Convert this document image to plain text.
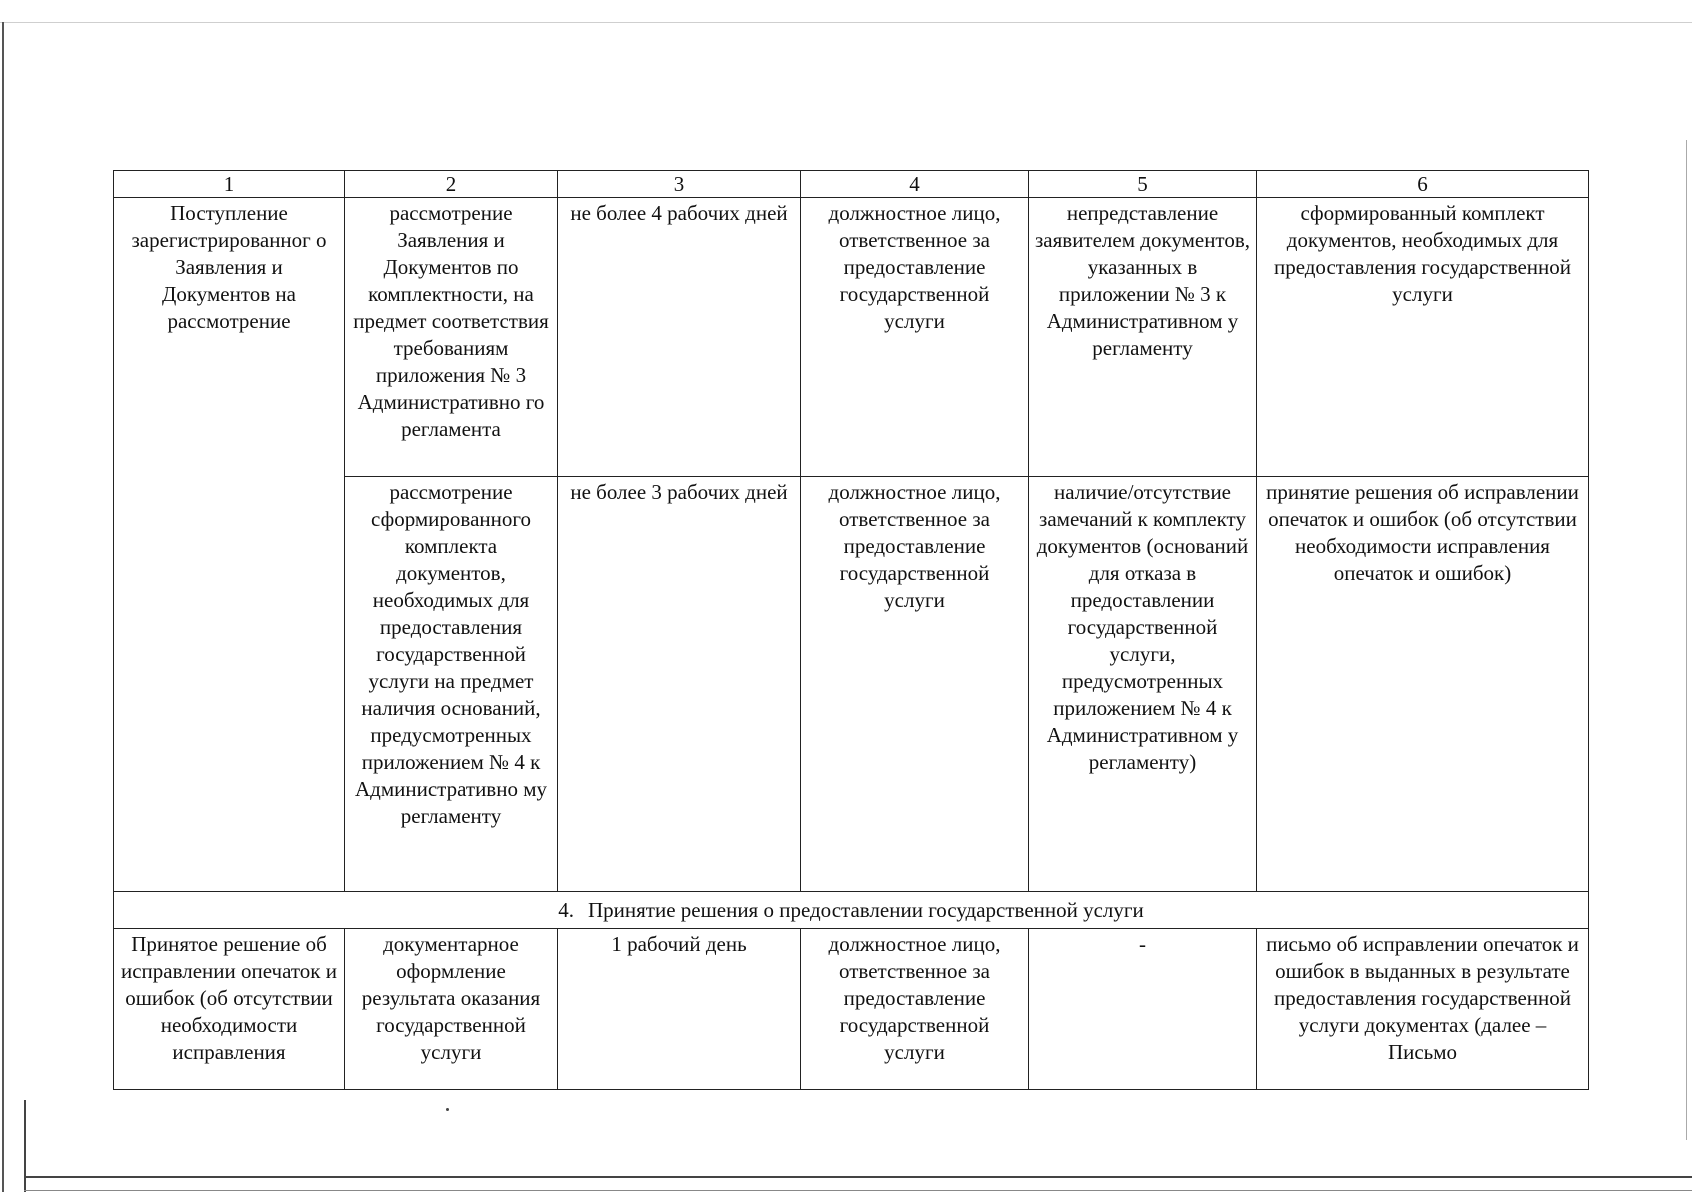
1	2	3	4	5	6
Поступление зарегистрированног о Заявления и Документов на рассмотрение	рассмотрение Заявления и Документов по комплектности, на предмет соответствия требованиям приложения № 3 Административно го регламента	не более 4 рабочих дней	должностное лицо, ответственное за предоставление государственной услуги	непредставление заявителем документов, указанных в приложении № 3 к Административном у регламенту	сформированный комплект документов, необходимых для предоставления государственной услуги
	рассмотрение сформированного комплекта документов, необходимых для предоставления государственной услуги на предмет наличия оснований, предусмотренных приложением № 4 к Административно му регламенту	не более 3 рабочих дней	должностное лицо, ответственное за предоставление государственной услуги	наличие/отсутствие замечаний к комплекту документов (оснований для отказа в предоставлении государственной услуги, предусмотренных приложением № 4 к Административном у регламенту)	принятие решения об исправлении опечаток и ошибок (об отсутствии необходимости исправления опечаток и ошибок)
4. Принятие решения о предоставлении государственной услуги					
Принятое решение об исправлении опечаток и ошибок (об отсутствии необходимости исправления	документарное оформление результата оказания государственной услуги	1 рабочий день	должностное лицо, ответственное за предоставление государственной услуги	-	письмо об исправлении опечаток и ошибок в выданных в результате предоставления государственной услуги документах (далее – Письмо
